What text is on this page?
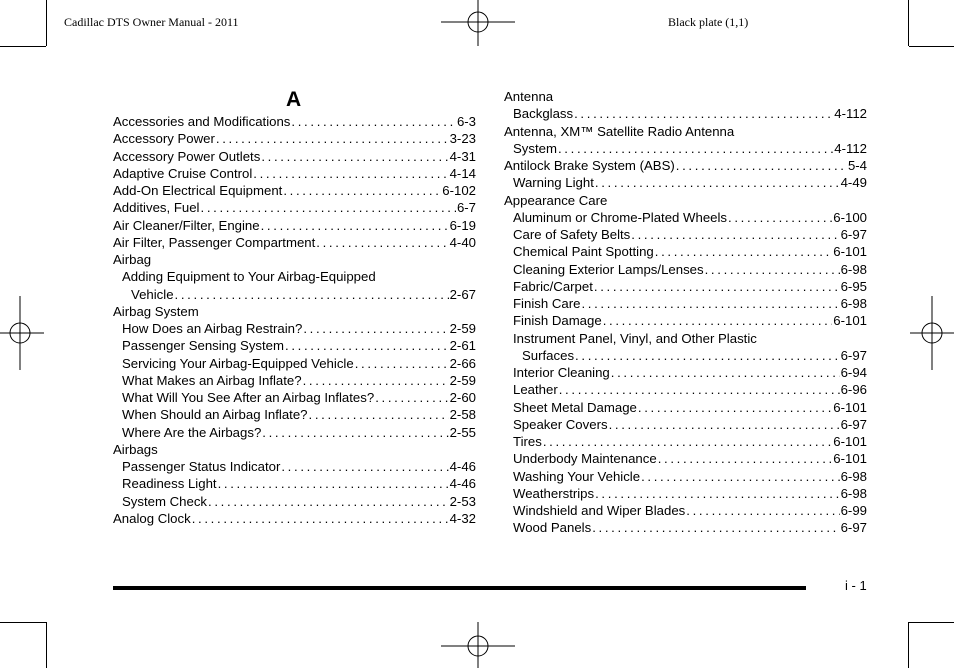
Cadillac DTS Owner Manual - 2011	Black plate (1,1)
A
Accessories and Modifications . . .	6-3
Accessory Power . . .	3-23
Accessory Power Outlets . . .	4-31
Adaptive Cruise Control . . .	4-14
Add-On Electrical Equipment . . .	6-102
Additives, Fuel . . .	6-7
Air Cleaner/Filter, Engine . . .	6-19
Air Filter, Passenger Compartment . . .	4-40
Airbag
Adding Equipment to Your Airbag-Equipped
Vehicle . . .	2-67
Airbag System
How Does an Airbag Restrain? . . .	2-59
Passenger Sensing System . . .	2-61
Servicing Your Airbag-Equipped Vehicle . . .	2-66
What Makes an Airbag Inflate? . . .	2-59
What Will You See After an Airbag Inflates? . . .	2-60
When Should an Airbag Inflate? . . .	2-58
Where Are the Airbags? . . .	2-55
Airbags
Passenger Status Indicator . . .	4-46
Readiness Light . . .	4-46
System Check . . .	2-53
Analog Clock . . .	4-32
Antenna
Backglass . . .	4-112
Antenna, XM™ Satellite Radio Antenna
System . . .	4-112
Antilock Brake System (ABS) . . .	5-4
Warning Light . . .	4-49
Appearance Care
Aluminum or Chrome-Plated Wheels . . .	6-100
Care of Safety Belts . . .	6-97
Chemical Paint Spotting . . .	6-101
Cleaning Exterior Lamps/Lenses . . .	6-98
Fabric/Carpet . . .	6-95
Finish Care . . .	6-98
Finish Damage . . .	6-101
Instrument Panel, Vinyl, and Other Plastic
Surfaces . . .	6-97
Interior Cleaning . . .	6-94
Leather . . .	6-96
Sheet Metal Damage . . .	6-101
Speaker Covers . . .	6-97
Tires . . .	6-101
Underbody Maintenance . . .	6-101
Washing Your Vehicle . . .	6-98
Weatherstrips . . .	6-98
Windshield and Wiper Blades . . .	6-99
Wood Panels . . .	6-97
i - 1
